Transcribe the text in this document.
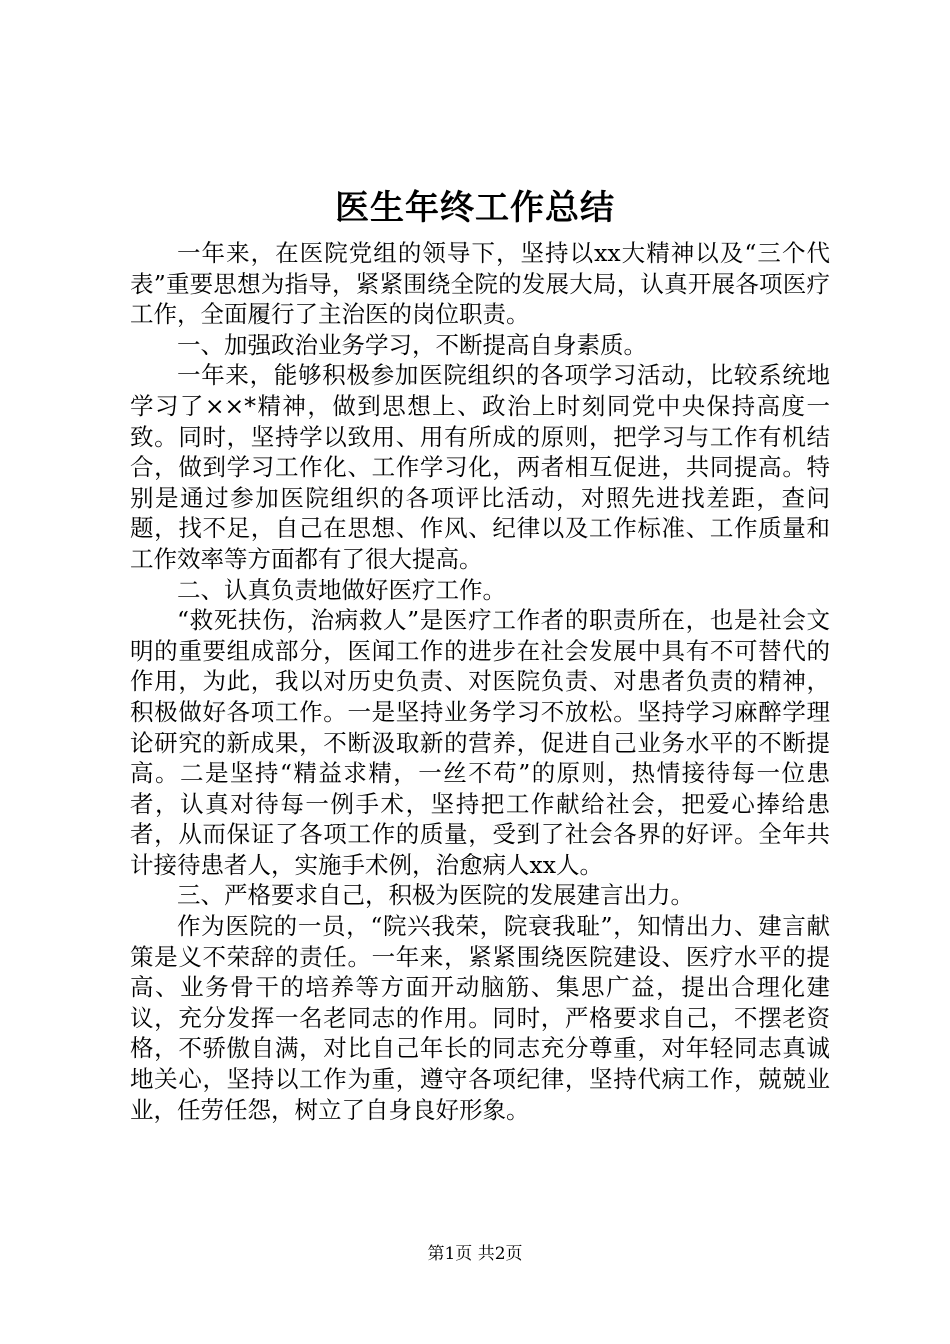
医生年终工作总结

一年来，在医院党组的领导下，坚持以xx大精神以及“三个代表”重要思想为指导，紧紧围绕全院的发展大局，认真开展各项医疗工作，全面履行了主治医的岗位职责。

一、加强政治业务学习，不断提高自身素质。

一年来，能够积极参加医院组织的各项学习活动，比较系统地学习了××*精神，做到思想上、政治上时刻同党中央保持高度一致。同时，坚持学以致用、用有所成的原则，把学习与工作有机结合，做到学习工作化、工作学习化，两者相互促进，共同提高。特别是通过参加医院组织的各项评比活动，对照先进找差距，查问题，找不足，自己在思想、作风、纪律以及工作标准、工作质量和工作效率等方面都有了很大提高。

二、认真负责地做好医疗工作。

“救死扶伤，治病救人”是医疗工作者的职责所在，也是社会文明的重要组成部分，医闻工作的进步在社会发展中具有不可替代的作用，为此，我以对历史负责、对医院负责、对患者负责的精神，积极做好各项工作。一是坚持业务学习不放松。坚持学习麻醉学理论研究的新成果，不断汲取新的营养，促进自己业务水平的不断提高。二是坚持“精益求精，一丝不苟”的原则，热情接待每一位患者，认真对待每一例手术，坚持把工作献给社会，把爱心捧给患者，从而保证了各项工作的质量，受到了社会各界的好评。全年共计接待患者人，实施手术例，治愈病人xx人。

三、严格要求自己，积极为医院的发展建言出力。

作为医院的一员，“院兴我荣，院衰我耻”，知情出力、建言献策是义不荣辞的责任。一年来，紧紧围绕医院建设、医疗水平的提高、业务骨干的培养等方面开动脑筋、集思广益，提出合理化建议，充分发挥一名老同志的作用。同时，严格要求自己，不摆老资格，不骄傲自满，对比自己年长的同志充分尊重，对年轻同志真诚地关心，坚持以工作为重，遵守各项纪律，坚持代病工作，兢兢业业，任劳任怨，树立了自身良好形象。

第1页 共2页
